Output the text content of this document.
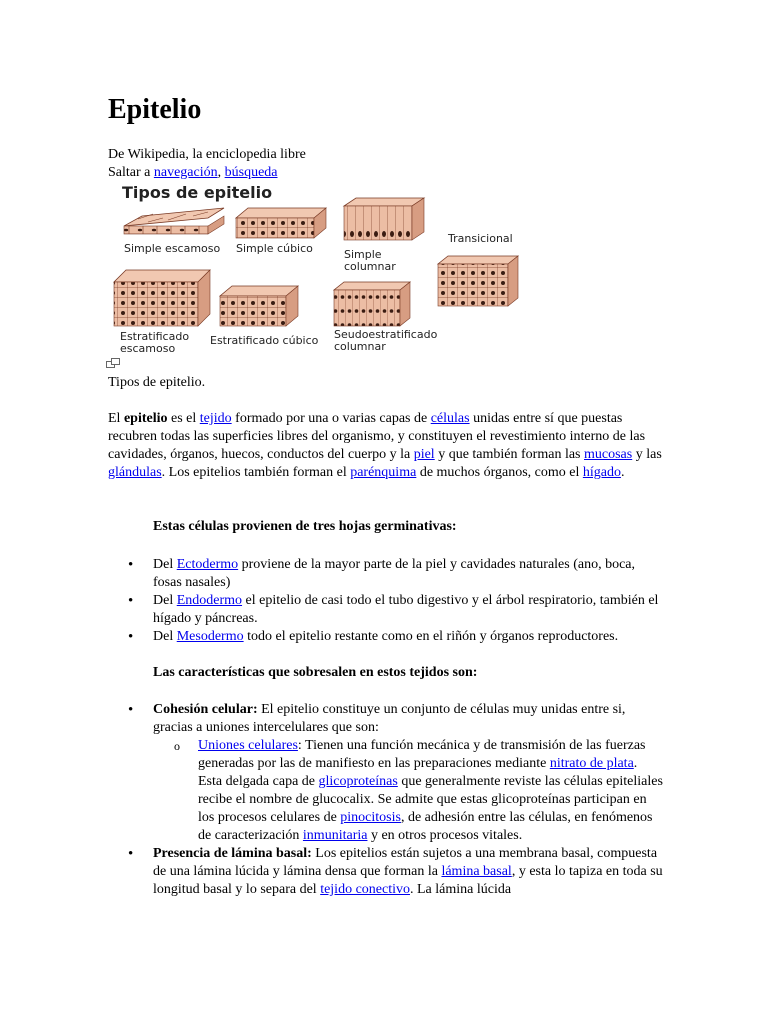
Epitelio
De Wikipedia, la enciclopedia libre
Saltar a navegación, búsqueda
Tipos de epitelio
Simple escamoso Simple cúbico	Simple
columnar
Transicional
Estratificado
escamoso
Estratificado cúbico Seudoestratificado
columnar
Tipos de epitelio.

El epitelio es el tejido formado por una o varias capas de células unidas entre sí que puestas recubren todas las superficies libres del organismo, y constituyen el revestimiento interno de las cavidades, órganos, huecos, conductos del cuerpo y la piel y que también forman las mucosas y las glándulas. Los epitelios también forman el parénquima de muchos órganos, como el hígado.

Estas células provienen de tres hojas germinativas:

• Del Ectodermo proviene de la mayor parte de la piel y cavidades naturales (ano, boca, fosas nasales)
• Del Endodermo el epitelio de casi todo el tubo digestivo y el árbol respiratorio, también el hígado y páncreas.
• Del Mesodermo todo el epitelio restante como en el riñón y órganos reproductores.

Las características que sobresalen en estos tejidos son:

• Cohesión celular: El epitelio constituye un conjunto de células muy unidas entre si, gracias a uniones intercelulares que son:
o Uniones celulares: Tienen una función mecánica y de transmisión de las fuerzas generadas por las de manifiesto en las preparaciones mediante nitrato de plata. Esta delgada capa de glicoproteínas que generalmente reviste las células epiteliales recibe el nombre de glucocalix. Se admite que estas glicoproteínas participan en los procesos celulares de pinocitosis, de adhesión entre las células, en fenómenos de caracterización inmunitaria y en otros procesos vitales.
• Presencia de lámina basal: Los epitelios están sujetos a una membrana basal, compuesta de una lámina lúcida y lámina densa que forman la lámina basal, y esta lo tapiza en toda su longitud basal y lo separa del tejido conectivo. La lámina lúcida
